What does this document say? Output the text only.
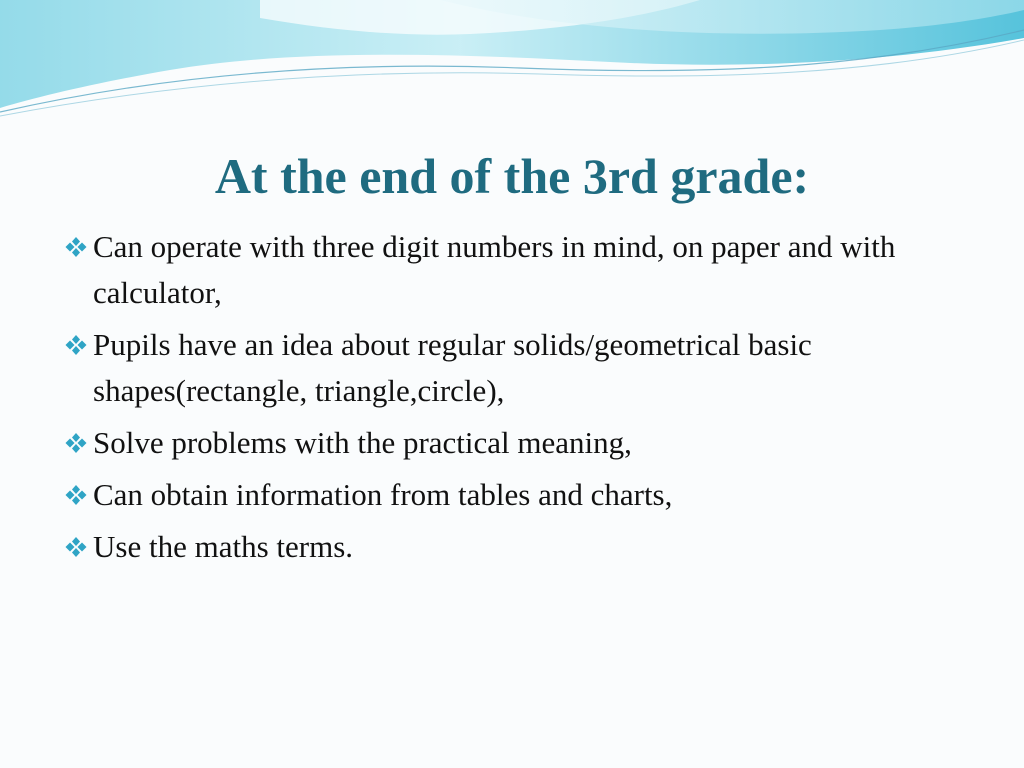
At the end of the 3rd grade:
Can operate with three digit numbers in mind, on paper and with calculator,
Pupils have an idea about regular solids/geometrical basic shapes(rectangle, triangle,circle),
Solve problems with the practical meaning,
Can obtain information from tables and charts,
Use the maths terms.
